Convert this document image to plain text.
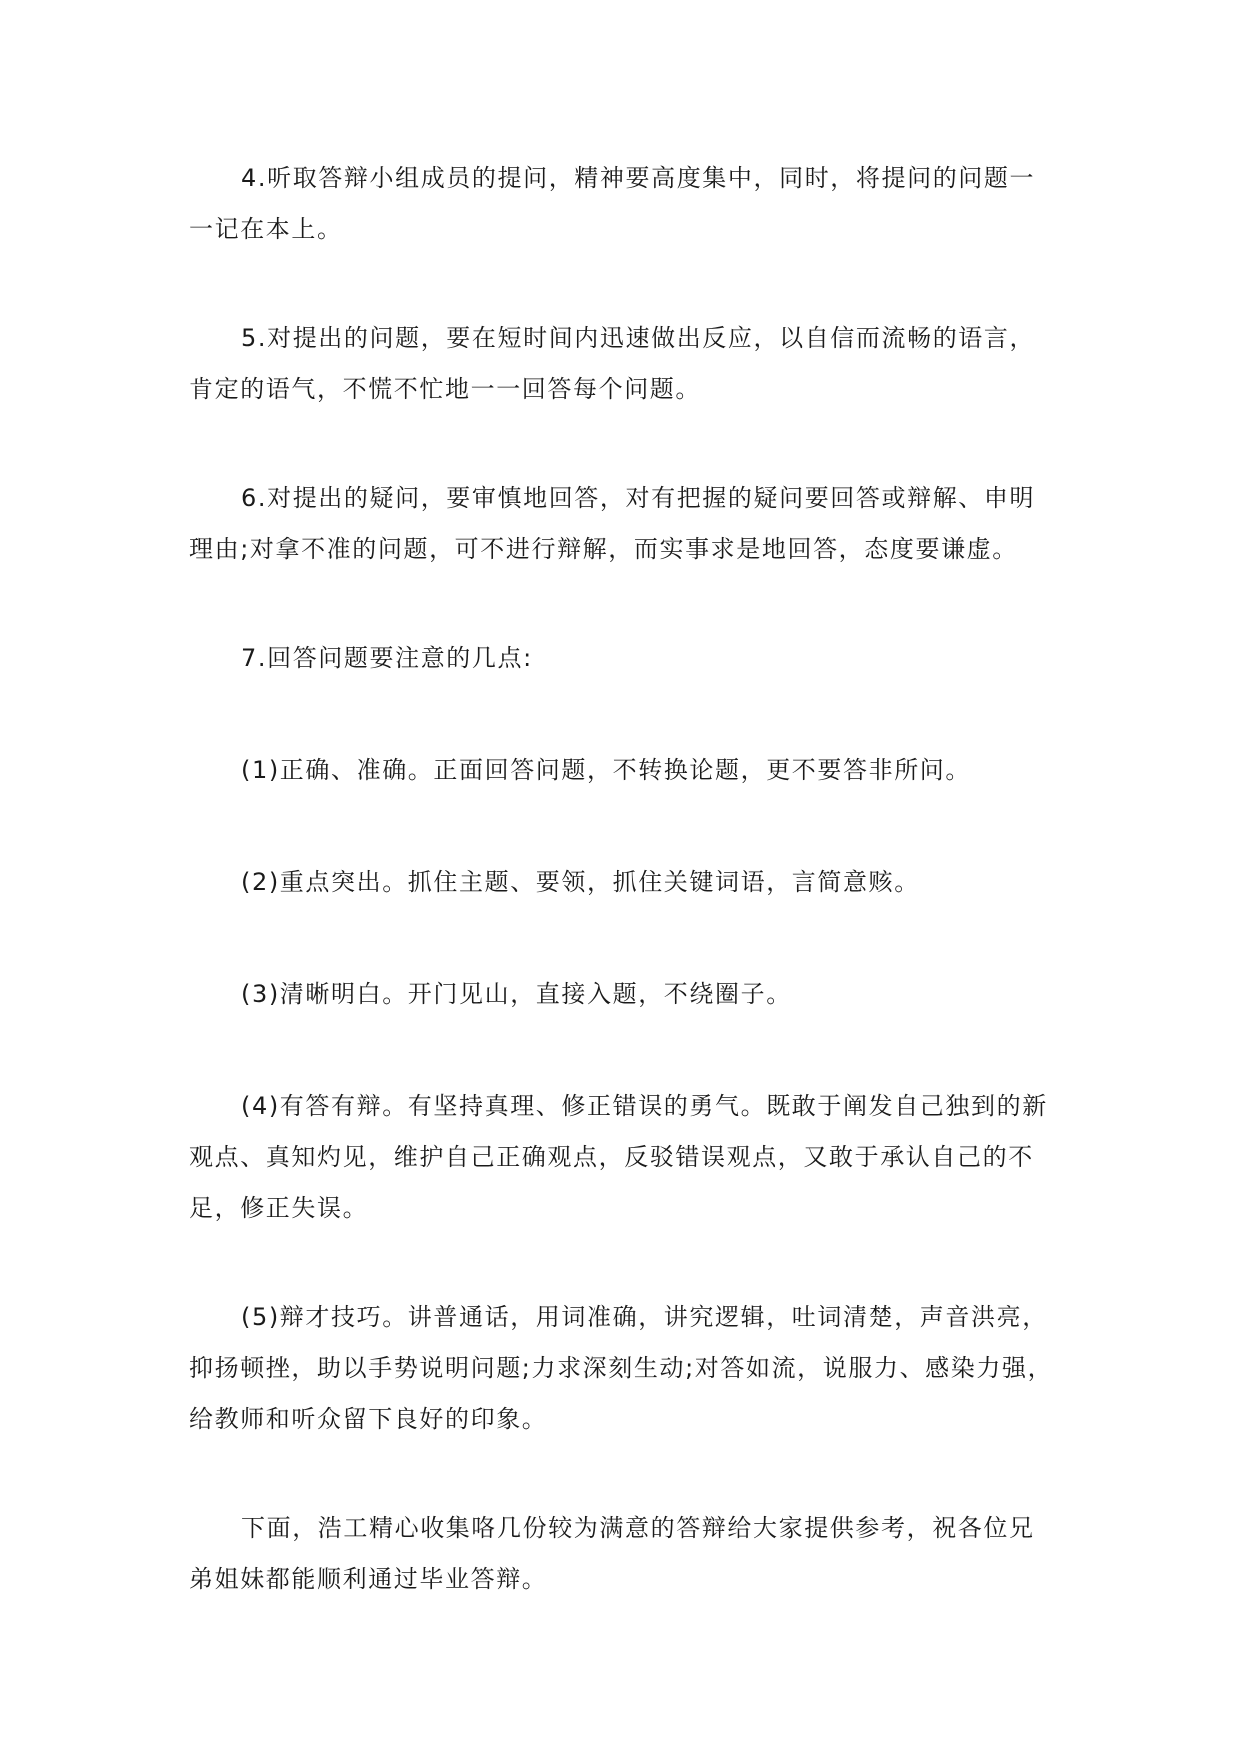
4.听取答辩小组成员的提问，精神要高度集中，同时，将提问的问题一一记在本上。

5.对提出的问题，要在短时间内迅速做出反应，以自信而流畅的语言，肯定的语气，不慌不忙地一一回答每个问题。

6.对提出的疑问，要审慎地回答，对有把握的疑问要回答或辩解、申明理由;对拿不准的问题，可不进行辩解，而实事求是地回答，态度要谦虚。

7.回答问题要注意的几点:

(1)正确、准确。正面回答问题，不转换论题，更不要答非所问。

(2)重点突出。抓住主题、要领，抓住关键词语，言简意赅。

(3)清晰明白。开门见山，直接入题，不绕圈子。

(4)有答有辩。有坚持真理、修正错误的勇气。既敢于阐发自己独到的新观点、真知灼见，维护自己正确观点，反驳错误观点，又敢于承认自己的不足，修正失误。

(5)辩才技巧。讲普通话，用词准确，讲究逻辑，吐词清楚，声音洪亮，抑扬顿挫，助以手势说明问题;力求深刻生动;对答如流，说服力、感染力强，给教师和听众留下良好的印象。

下面，浩工精心收集咯几份较为满意的答辩给大家提供参考，祝各位兄弟姐妹都能顺利通过毕业答辩。
